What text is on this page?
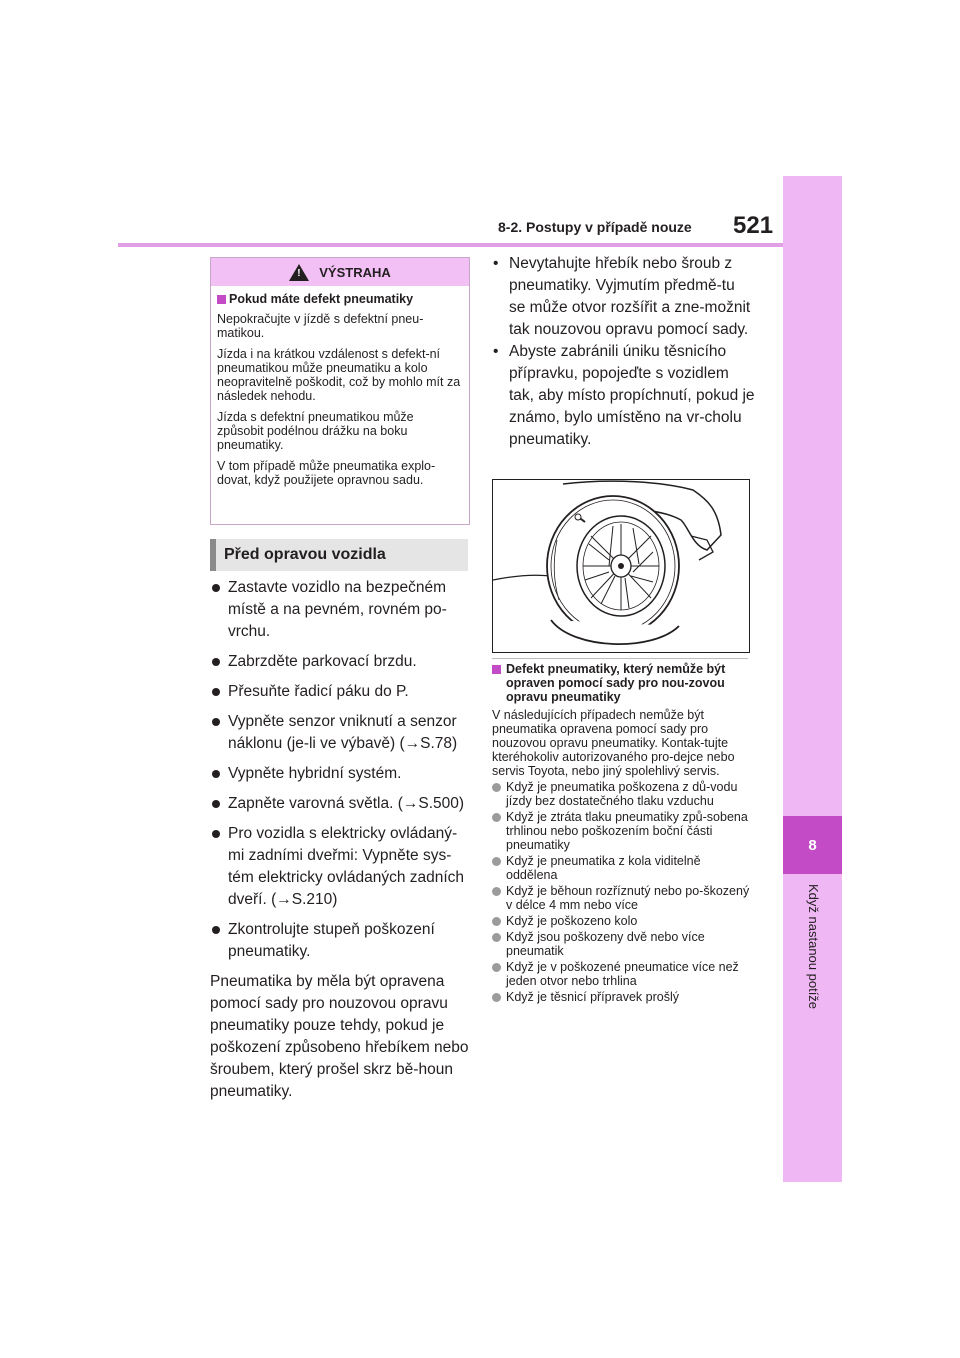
8
Když nastanou potíže
8-2. Postupy v případě nouze 521
!
VÝSTRAHA
Pokud máte defekt pneumatiky

Nepokračujte v jízdě s defektní pneu-matikou.

Jízda i na krátkou vzdálenost s defekt-ní pneumatikou může pneumatiku a kolo neopravitelně poškodit, což by mohlo mít za následek nehodu.

Jízda s defektní pneumatikou může způsobit podélnou drážku na boku pneumatiky.

V tom případě může pneumatika explo-dovat, když použijete opravnou sadu.

Před opravou vozidla
Zastavte vozidlo na bezpečném místě a na pevném, rovném po-vrchu.
Zabrzděte parkovací brzdu.
Přesuňte řadicí páku do P.
Vypněte senzor vniknutí a senzor náklonu (je-li ve výbavě) (→S.78)
Vypněte hybridní systém.
Zapněte varovná světla. (→S.500)
Pro vozidla s elektricky ovládaný-mi zadními dveřmi: Vypněte sys-tém elektricky ovládaných zadních dveří. (→S.210)
Zkontrolujte stupeň poškození pneumatiky.
Pneumatika by měla být opravena pomocí sady pro nouzovou opravu pneumatiky pouze tehdy, pokud je poškození způsobeno hřebíkem nebo šroubem, který prošel skrz bě-houn pneumatiky.
• Nevytahujte hřebík nebo šroub z pneumatiky. Vyjmutím předmě-tu se může otvor rozšířit a zne-možnit tak nouzovou opravu pomocí sady.
• Abyste zabránili úniku těsnicího přípravku, popojeďte s vozidlem tak, aby místo propíchnutí, pokud je známo, bylo umístěno na vr-cholu pneumatiky.
Defekt pneumatiky, který nemůže být opraven pomocí sady pro nou-zovou opravu pneumatiky

V následujících případech nemůže být pneumatika opravena pomocí sady pro nouzovou opravu pneumatiky. Kontak-tujte kteréhokoliv autorizovaného pro-dejce nebo servis Toyota, nebo jiný spolehlivý servis.

Když je pneumatika poškozena z dů-vodu jízdy bez dostatečného tlaku vzduchu
Když je ztráta tlaku pneumatiky způ-sobena trhlinou nebo poškozením boční části pneumatiky
Když je pneumatika z kola viditelně oddělena
Když je běhoun rozříznutý nebo po-škozený v délce 4 mm nebo více
Když je poškozeno kolo
Když jsou poškozeny dvě nebo více pneumatik
Když je v poškozené pneumatice více než jeden otvor nebo trhlina
Když je těsnicí přípravek prošlý
